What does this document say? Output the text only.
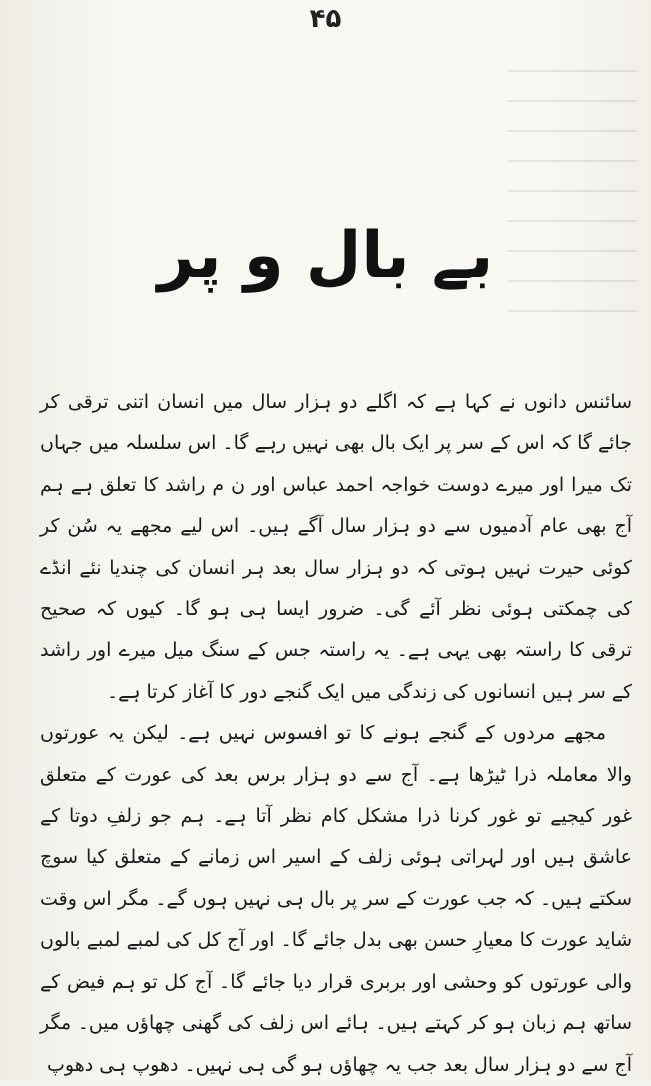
۴۵
بے بال و پر

سائنس دانوں نے کہا ہے کہ اگلے دو ہزار سال میں انسان اتنی ترقی کر جائے گا کہ اس کے سر پر ایک بال بھی نہیں رہے گا۔ اس سلسلہ میں جہاں تک میرا اور میرے دوست خواجہ احمد عباس اور ن م راشد کا تعلق ہے ہم آج بھی عام آدمیوں سے دو ہزار سال آگے ہیں۔ اس لیے مجھے یہ سُن کر کوئی حیرت نہیں ہوتی کہ دو ہزار سال بعد ہر انسان کی چندیا نئے انڈے کی چمکتی ہوئی نظر آئے گی۔ ضرور ایسا ہی ہو گا۔ کیوں کہ صحیح ترقی کا راستہ بھی یہی ہے۔ یہ راستہ جس کے سنگ میل میرے اور راشد کے سر ہیں انسانوں کی زندگی میں ایک گنجے دور کا آغاز کرتا ہے۔

مجھے مردوں کے گنجے ہونے کا تو افسوس نہیں ہے۔ لیکن یہ عورتوں والا معاملہ ذرا ٹیڑھا ہے۔ آج سے دو ہزار برس بعد کی عورت کے متعلق غور کیجیے تو غور کرنا ذرا مشکل کام نظر آتا ہے۔ ہم جو زلفِ دوتا کے عاشق ہیں اور لہراتی ہوئی زلف کے اسیر اس زمانے کے متعلق کیا سوچ سکتے ہیں۔ کہ جب عورت کے سر پر بال ہی نہیں ہوں گے۔ مگر اس وقت شاید عورت کا معیارِ حسن بھی بدل جائے گا۔ اور آج کل کی لمبے لمبے بالوں والی عورتوں کو وحشی اور بربری قرار دیا جائے گا۔ آج کل تو ہم فیض کے ساتھ ہم زبان ہو کر کہتے ہیں۔ ہائے اس زلف کی گھنی چھاؤں میں۔ مگر آج سے دو ہزار سال بعد جب یہ چھاؤں ہو گی ہی نہیں۔ دھوپ ہی دھوپ
